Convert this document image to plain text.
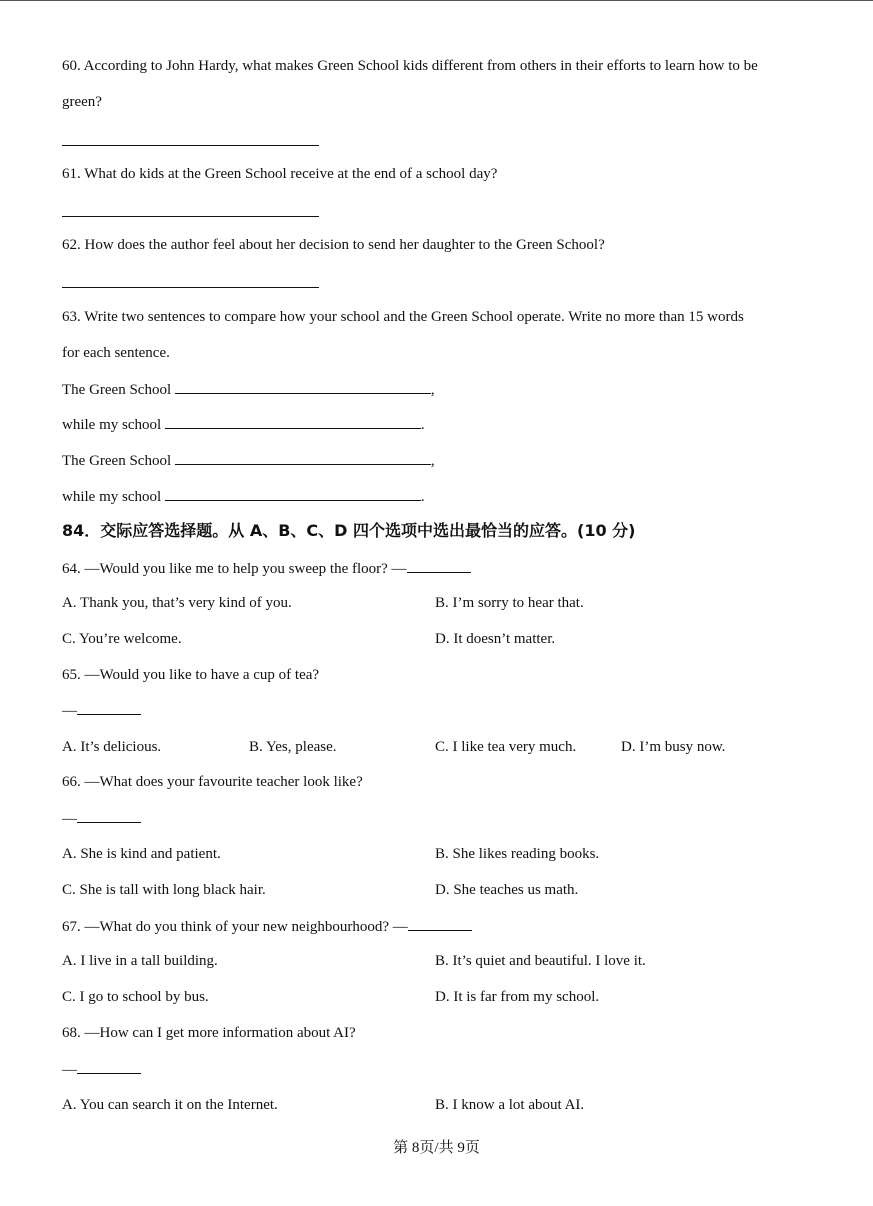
60. According to John Hardy, what makes Green School kids different from others in their efforts to learn how to be
green?
61. What do kids at the Green School receive at the end of a school day?
62. How does the author feel about her decision to send her daughter to the Green School?
63. Write two sentences to compare how your school and the Green School operate. Write no more than 15 words
for each sentence.
The Green School	,
while my school	.
The Green School	,
while my school	.
84．交际应答选择题。从 A、B、C、D 四个选项中选出最恰当的应答。(10 分)
64. —Would you like me to help you sweep the floor? —
A. Thank you, that’s very kind of you.	B. I’m sorry to hear that.
C. You’re welcome.	D. It doesn’t matter.
65. —Would you like to have a cup of tea?
—
A. It’s delicious.	B. Yes, please.	C. I like tea very much.	D. I’m busy now.
66. —What does your favourite teacher look like?
—
A. She is kind and patient.	B. She likes reading books.
C. She is tall with long black hair.	D. She teaches us math.
67. —What do you think of your new neighbourhood? —
A. I live in a tall building.	B. It’s quiet and beautiful. I love it.
C. I go to school by bus.	D. It is far from my school.
68. —How can I get more information about AI?
—
A. You can search it on the Internet.	B. I know a lot about AI.
第 8页/共 9页
